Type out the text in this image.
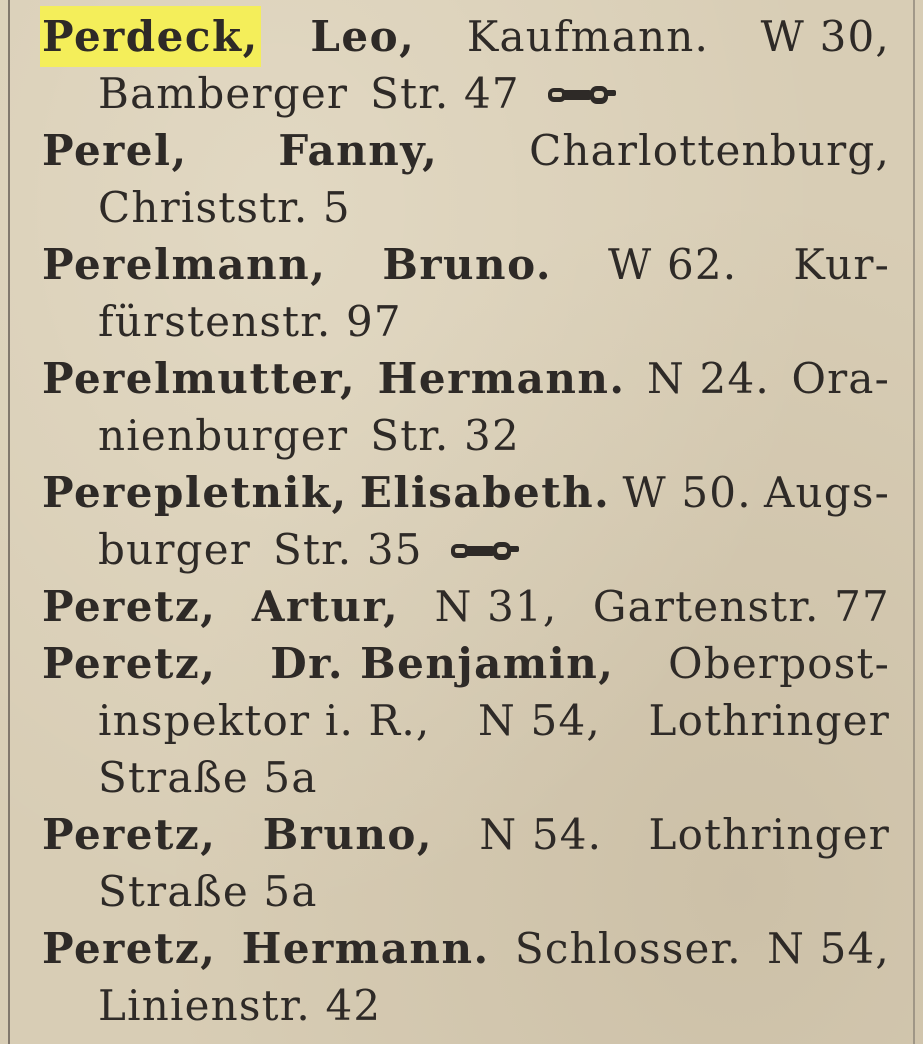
Perdeck, Leo, Kaufmann. W 30,
Bamberger Str. 47
Perel, Fanny, Charlottenburg,
Christstr. 5
Perelmann, Bruno. W 62. Kur-
fürstenstr. 97
Perelmutter, Hermann. N 24. Ora-
nienburger Str. 32
Perepletnik, Elisabeth. W 50. Augs-
burger Str. 35
Peretz, Artur, N 31, Gartenstr. 77
Peretz, Dr. Benjamin, Oberpost-
inspektor i. R., N 54, Lothringer
Straße 5a
Peretz, Bruno, N 54. Lothringer
Straße 5a
Peretz, Hermann. Schlosser. N 54,
Linienstr. 42
